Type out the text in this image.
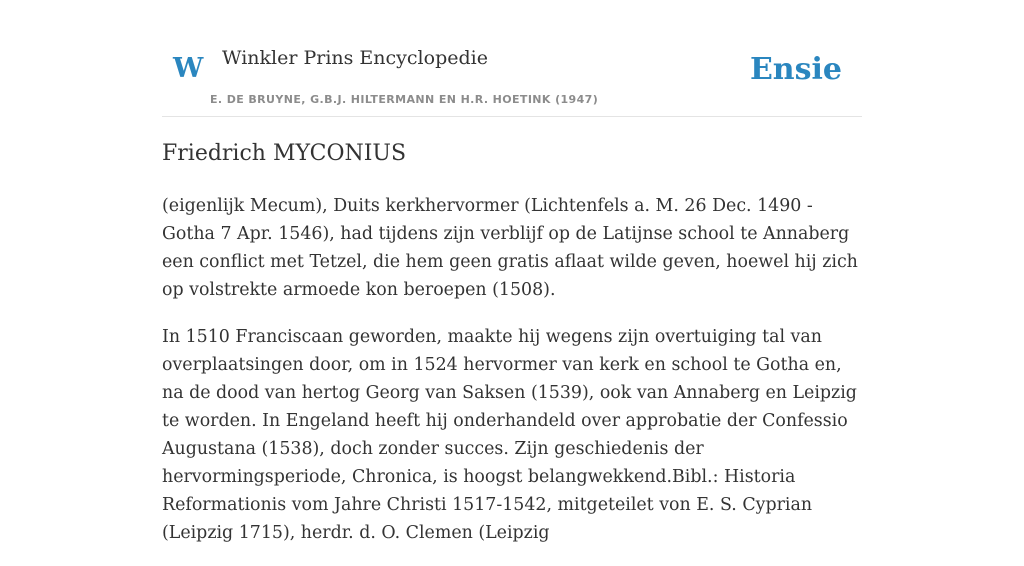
W Winkler Prins Encyclopedie
E. DE BRUYNE, G.B.J. HILTERMANN EN H.R. HOETINK (1947)
Ensie
Friedrich MYCONIUS

(eigenlijk Mecum), Duits kerkhervormer (Lichtenfels a. M. 26 Dec. 1490 - Gotha 7 Apr. 1546), had tijdens zijn verblijf op de Latijnse school te Annaberg een conflict met Tetzel, die hem geen gratis aflaat wilde geven, hoewel hij zich op volstrekte armoede kon beroepen (1508).

In 1510 Franciscaan geworden, maakte hij wegens zijn overtuiging tal van overplaatsingen door, om in 1524 hervormer van kerk en school te Gotha en, na de dood van hertog Georg van Saksen (1539), ook van Annaberg en Leipzig te worden. In Engeland heeft hij onderhandeld over approbatie der Confessio Augustana (1538), doch zonder succes. Zijn geschiedenis der hervormingsperiode, Chronica, is hoogst belangwekkend.Bibl.: Historia Reformationis vom Jahre Christi 1517-1542, mitgeteilet von E. S. Cyprian (Leipzig 1715), herdr. d. O. Clemen (Leipzig
